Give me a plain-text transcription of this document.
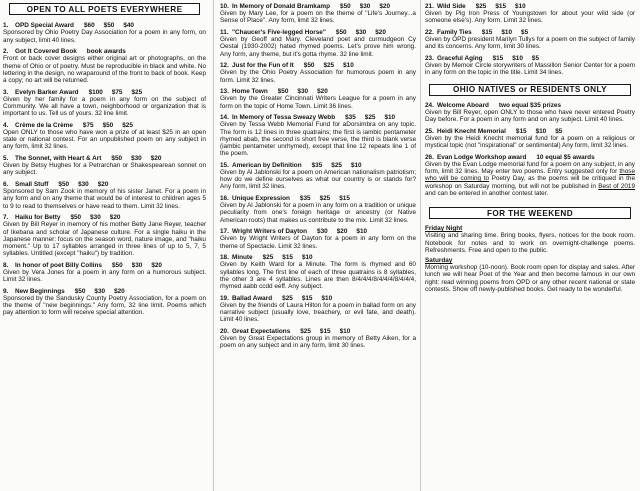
OPEN TO ALL POETS EVERYWHERE
1.	OPD Special Award $60 $50 $40
Sponsored by Ohio Poetry Day Association for a poem in any form, on any subject, limit 40 lines.
2.	Got It Covered Book book awards
Front or back cover designs either original art or photographs, on the theme of Ohio or of poetry. Must be reproducible in black and white. No lettering in the design, no wraparound of the front to back of book. Keep a copy; no art will be returned.
3.	Evelyn Barker Award $100 $75 $25
Given by her family for a poem in any form on the subject of Community. We all have a town, neighborhood or organization that is important to us. Tell us of yours. 32 line limit.
4.	Crème de la Crème $75 $50 $25
Open ONLY to those who have won a prize of at least $25 in an open state or national contest. For an unpublished poem on any subject in any form, limit 32 lines.
5.	The Sonnet, with Heart & Art $50 $30 $20
Given by Betsy Hughes for a Petrarchan or Shakespearean sonnet on any subject.
6.	Small Stuff $50 $30 $20
Sponsored by Sam Zook in memory of his sister Janet. For a poem in any form and on any theme that would be of interest to children ages 5 to 9 to read to themselves or have read to them. Limit 32 lines.
7.	Haiku for Betty $50 $30 $20
Given by Bill Reyer in memory of his mother Betty Jane Reyer, teacher of Ikebana and scholar of Japanese culture. For a single haiku in the Japanese manner: focus on the season word, nature image, and "haiku moment." Up to 17 syllables arranged in three lines of up to 5, 7, 5 syllables. Untitled (except "haiku") by tradition.
8.	In honor of poet Billy Collins $50 $30 $20
Given by Vera Jones for a poem in any form on a humorous subject. Limit 32 lines.
9.	New Beginnings $50 $30 $20
Sponsored by the Sandusky County Poetry Association, for a poem on the theme of "new beginnings." Any form, 32 line limit. Poems which pay attention to form will receive special attention.
10. In Memory of Donald Bramkamp $50 $30 $20
Given by Mary Lee, for a poem on the theme of "Life's Journey...a Sense of Place". Any form, limit 32 lines.
11. "Chaucer's Five-legged Horse" $50 $30 $20
Given by Geoff and Mary. Cleveland poet and curmudgeon Cy Oestal (1930-2002) hated rhymed poems. Let's prove him wrong. Any form, any theme, but it's gotta rhyme. 32 line limit.
12. Just for the Fun of It $50 $25 $10
Given by the Ohio Poetry Association for humorous poem in any form. Limit 32 lines.
13. Home Town $50 $30 $20
Given by the Greater Cincinnati Writers League for a poem in any form on the topic of Home Town. Limit 36 lines.
14. In Memory of Tessa Sweazy Webb $35 $25 $10
Given by Tessa Webb Memorial Fund for aDorsimbra on any topic. The form is 12 lines in three quatrains; the first is iambic pentameter rhymed abab, the second is short free verse, the third is blank verse (iambic pentameter unrhymed), except that line 12 repeats line 1 of the poem.
15. American by Definition $35 $25 $10
Given by Al Jablonski for a poem on American nationalism patriotism; how do we define ourselves as what our country is or stands for? Any form, limit 32 lines.
16. Unique Expression $35 $25 $15
Given by Al Jablonski for a poem in any form on a tradition or unique peculiarity from one's foreign heritage or ancestry (or Native American roots) that makes us contribute to the mix. Limit 32 lines.
17. Wright Writers of Dayton $30 $20 $10
Given by Wright Writers of Dayton for a poem in any form on the theme of Spectacle. Limit 32 lines.
18. Minute $25 $15 $10
Given by Keith Ward for a Minute. The form is rhymed and 60 syllables long. The first line of each of three quatrains is 8 syllables, the other 3 are 4 syllables. Lines are then 8/4/4/4/8/4/4/4/8/4/4/4, rhymed aabb ccdd eeff. Any subject.
19. Ballad Award $25 $15 $10
Given by the friends of Laura Hilton for a poem in ballad form on any narrative subject (usually love, treachery, or evil fate, and death). Limit 40 lines.
20. Great Expectations $25 $15 $10
Given by Great Expectations group in memory of Betty Aiken, for a poem on any subject and in any form, limit 30 lines.
21. Wild Side $25 $15 $10
Given by Pig Iron Press of Youngstown for about your wild side (or someone else's). Any form. Limit 32 lines.
22. Family Ties $15 $10 $5
Given by OPD president Marilyn Tullys for a poem on the subject of family and its concerns. Any form, limit 30 lines.
23. Graceful Aging $15 $10 $5
Given by Memoir Circle storywriters of Massillon Senior Center for a poem in any form on the topic in the title. Limit 34 lines.
OHIO NATIVES or RESIDENTS ONLY
24. Welcome Aboard two equal $35 prizes
Given by Bill Reyer, open ONLY to those who have never entered Poetry Day before. For a poem in any form and on any subject. Limit 40 lines.
25. Heidi Knecht Memorial $15 $10 $5
Given by the Heidi Knecht memorial fund for a poem on a religious or mystical topic (not "inspirational" or sentimental) Any form, limit 32 lines.
26. Evan Lodge Workshop award 10 equal $5 awards
Given by the Evan Lodge memorial fund for a poem on any subject, in any form, limit 32 lines. May enter two poems. Entry suggested only for those who will be coming to Poetry Day, as the poems will be critiqued in the workshop on Saturday morning, but will not be published in Best of 2019 and can be entered in another contest later.
FOR THE WEEKEND
Friday Night
Visiting and sharing time. Bring books, flyers, notices for the book room. Notebook for notes and to work on overnight-challenge poems. Refreshments. Free and open to the public.
Saturday
Morning workshop (10-noon). Book room open for display and sales. After lunch we will hear Poet of the Year and then become famous in our own right: read winning poems from OPD or any other recent national or state contests. Show off newly-published books. Get ready to be wonderful.
